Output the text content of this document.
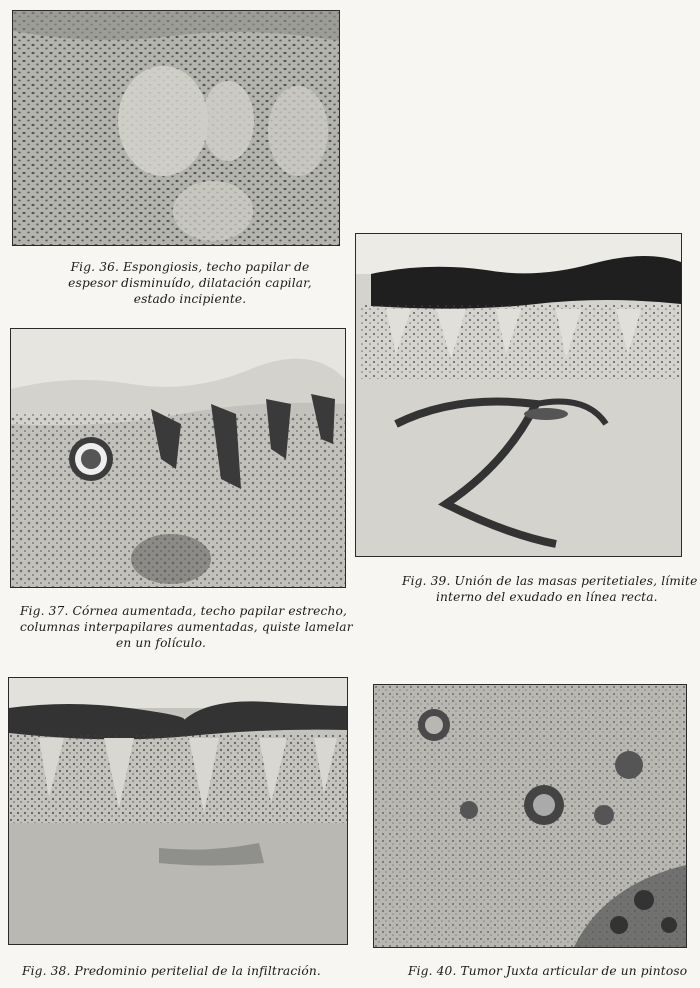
Fig. 36. Espongiosis, techo papilar de
espesor disminuído, dilatación capilar,
estado incipiente.
Fig. 37. Córnea aumentada, techo papilar estrecho,
columnas interpapilares aumentadas, quiste lamelar
en un folículo.
Fig. 38. Predominio peritelial de la infiltración.
Fig. 39. Unión de las masas peritetiales, límite
interno del exudado en línea recta.
Fig. 40. Tumor Juxta articular de un pintoso
